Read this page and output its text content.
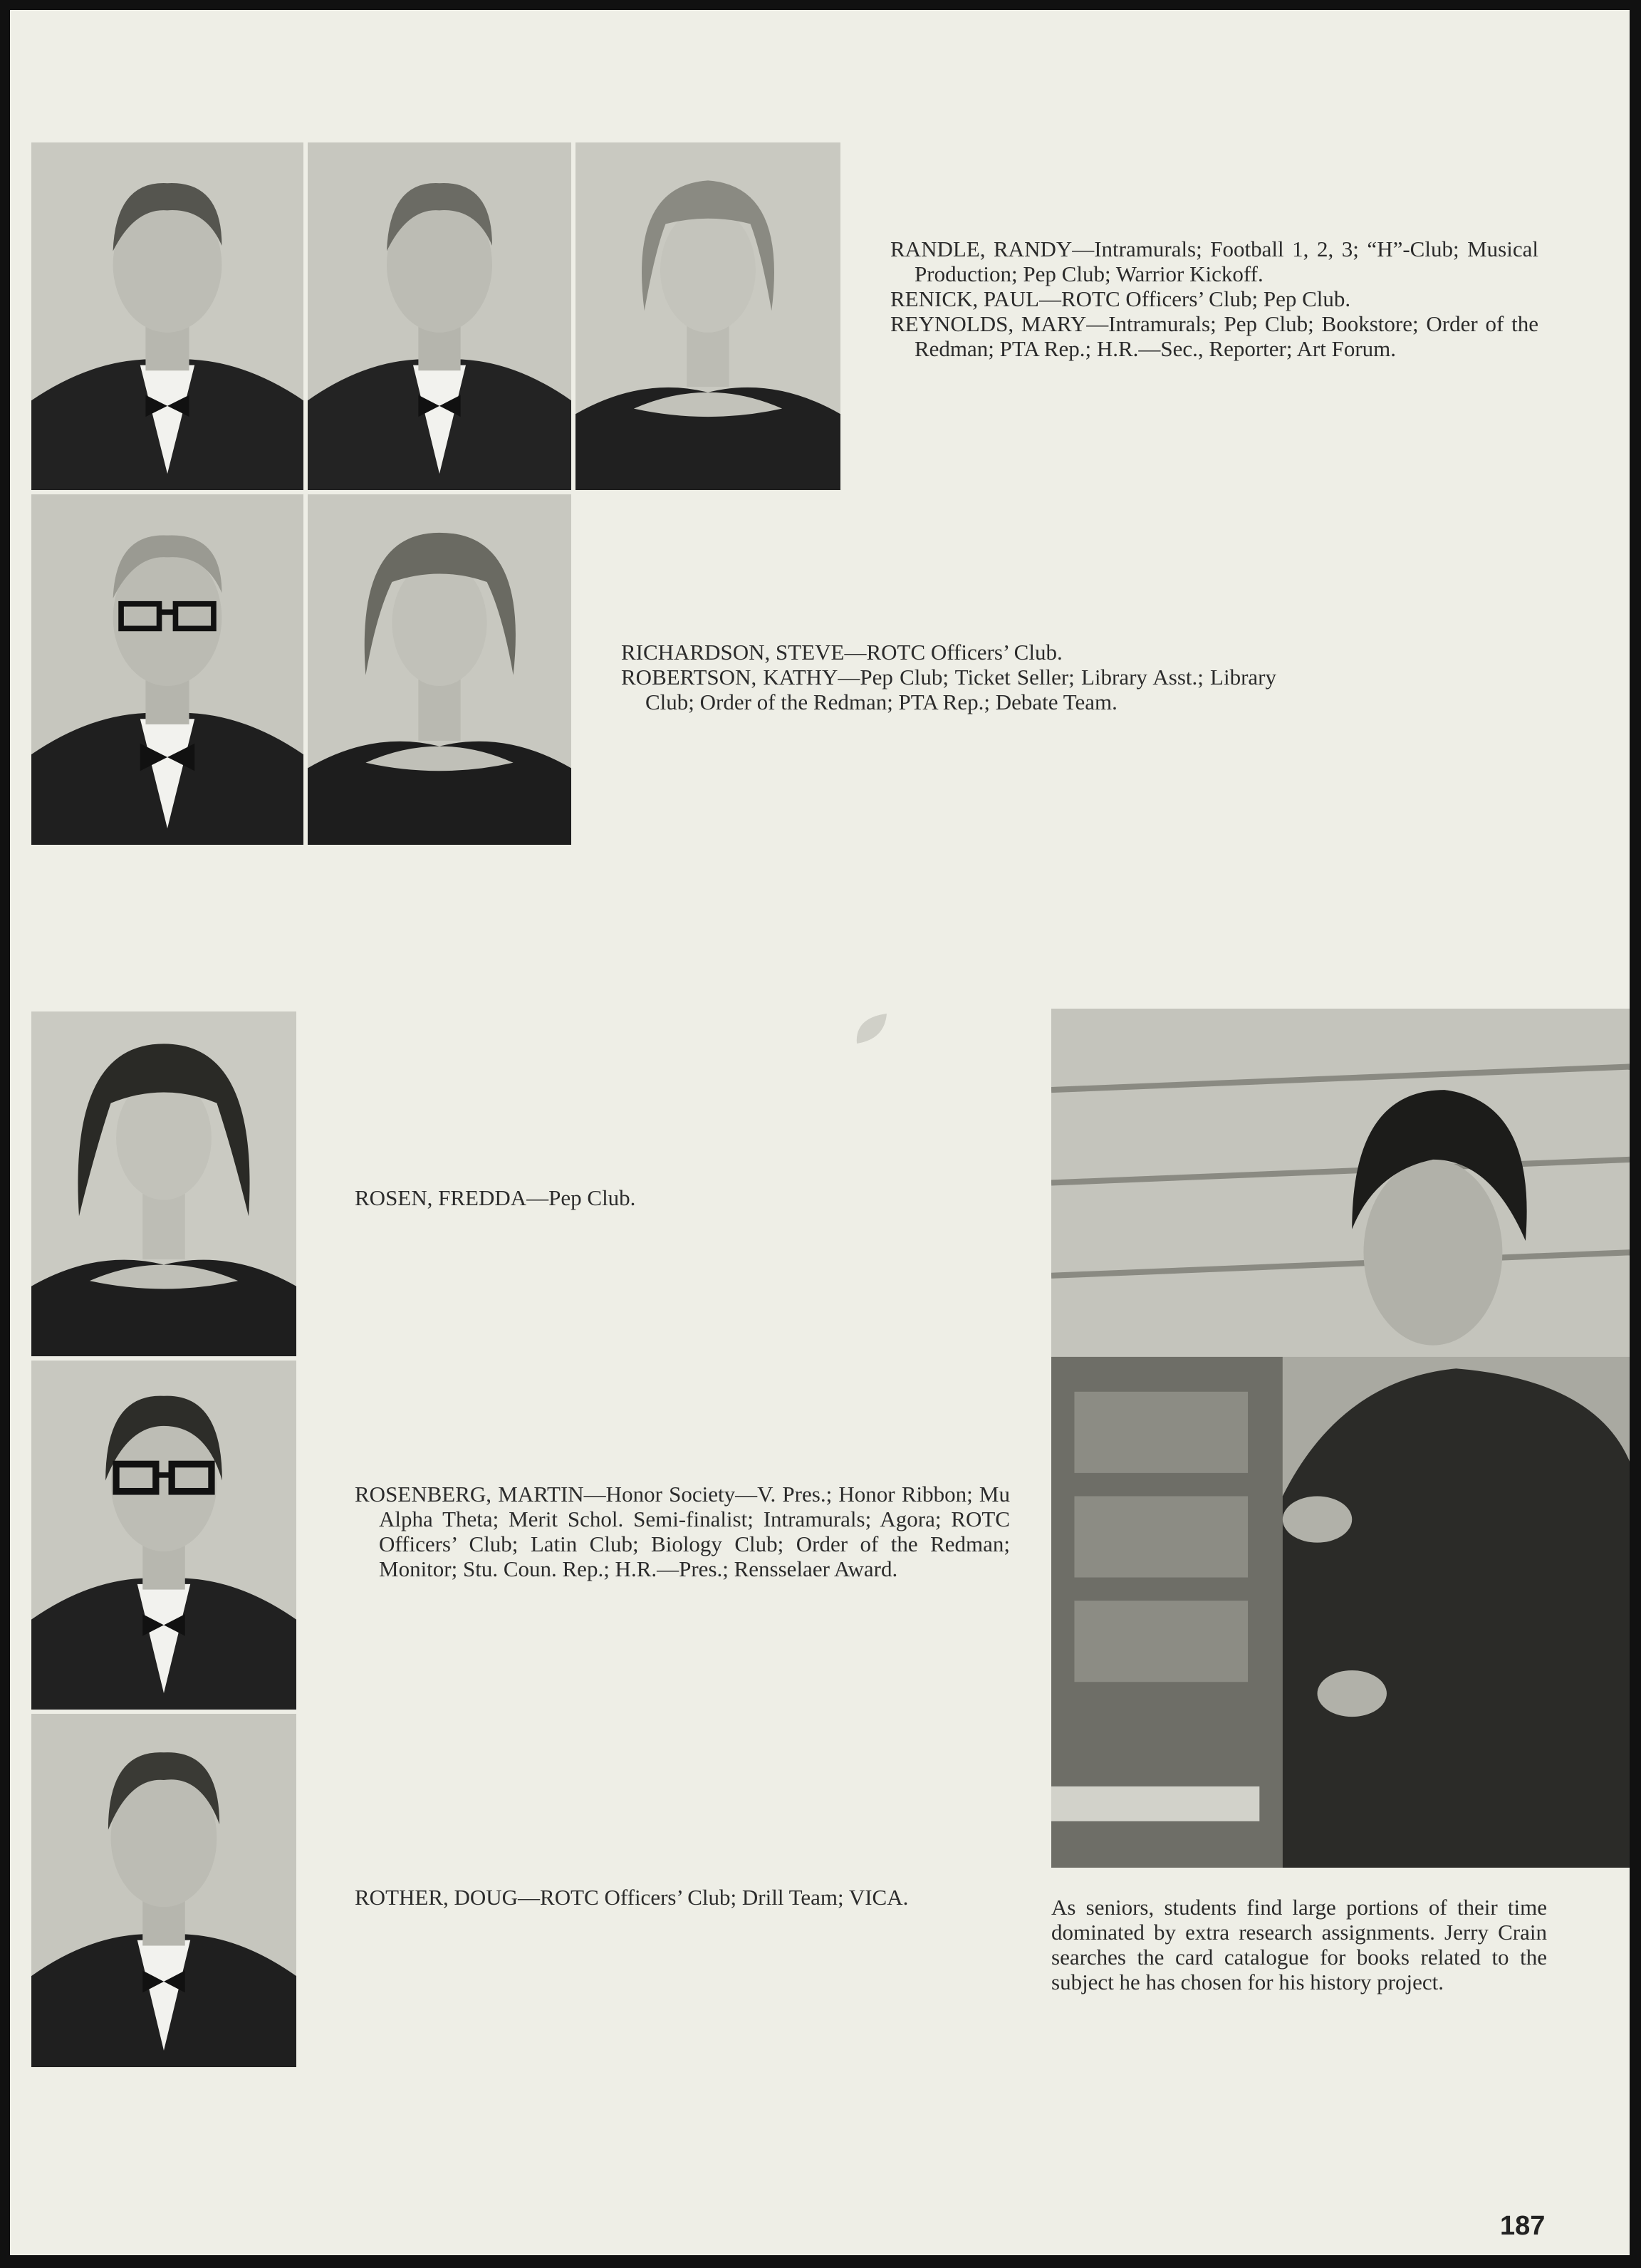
RANDLE, RANDY—Intramurals; Football 1, 2, 3; “H”-Club; Musical Production; Pep Club; Warrior Kickoff.

RENICK, PAUL—ROTC Officers’ Club; Pep Club.

REYNOLDS, MARY—Intramurals; Pep Club; Bookstore; Order of the Redman; PTA Rep.; H.R.—Sec., Reporter; Art Forum.

RICHARDSON, STEVE—ROTC Officers’ Club.

ROBERTSON, KATHY—Pep Club; Ticket Seller; Library Asst.; Library Club; Order of the Redman; PTA Rep.; Debate Team.

ROSEN, FREDDA—Pep Club.

ROSENBERG, MARTIN—Honor Society—V. Pres.; Honor Ribbon; Mu Alpha Theta; Merit Schol. Semi-finalist; Intramurals; Agora; ROTC Officers’ Club; Latin Club; Biology Club; Order of the Redman; Monitor; Stu. Coun. Rep.; H.R.—Pres.; Rensselaer Award.

ROTHER, DOUG—ROTC Officers’ Club; Drill Team; VICA.	As seniors, students find large portions of their time dominated by extra research assignments. Jerry Crain searches the card catalogue for books related to the subject he has chosen for his history project.

187
